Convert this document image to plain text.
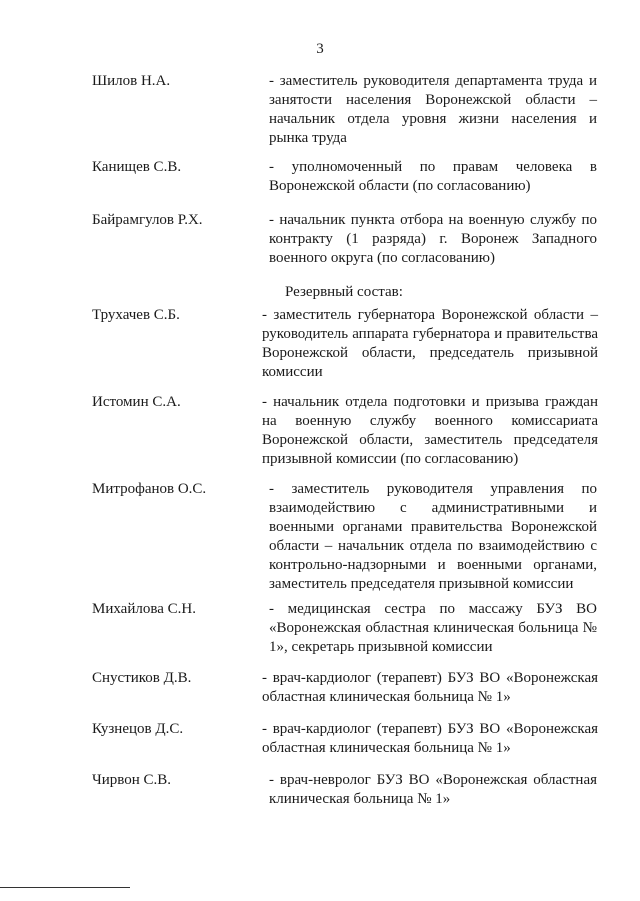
3
Шилов Н.А.	- заместитель руководителя департамента труда и занятости населения Воронежской области – начальник отдела уровня жизни населения и рынка труда
Канищев С.В.	- уполномоченный по правам человека в Воронежской области (по согласованию)
Байрамгулов Р.Х.	- начальник пункта отбора на военную службу по контракту (1 разряда) г. Воронеж Западного военного округа (по согласованию)
Резервный состав:
Трухачев С.Б.	- заместитель губернатора Воронежской области – руководитель аппарата губернатора и правительства Воронежской области, председатель призывной комиссии
Истомин С.А.	- начальник отдела подготовки и призыва граждан на военную службу военного комиссариата Воронежской области, заместитель председателя призывной комиссии (по согласованию)
Митрофанов О.С.	- заместитель руководителя управления по взаимодействию с административными и военными органами правительства Воронежской области – начальник отдела по взаимодействию с контрольно-надзорными и военными органами, заместитель председателя призывной комиссии
Михайлова С.Н.	- медицинская сестра по массажу БУЗ ВО «Воронежская областная клиническая больница № 1», секретарь призывной комиссии
Снустиков Д.В.	- врач-кардиолог (терапевт) БУЗ ВО «Воронежская областная клиническая больница № 1»
Кузнецов Д.С.	- врач-кардиолог (терапевт) БУЗ ВО «Воронежская областная клиническая больница № 1»
Чирвон С.В.	- врач-невролог БУЗ ВО «Воронежская областная клиническая больница № 1»
